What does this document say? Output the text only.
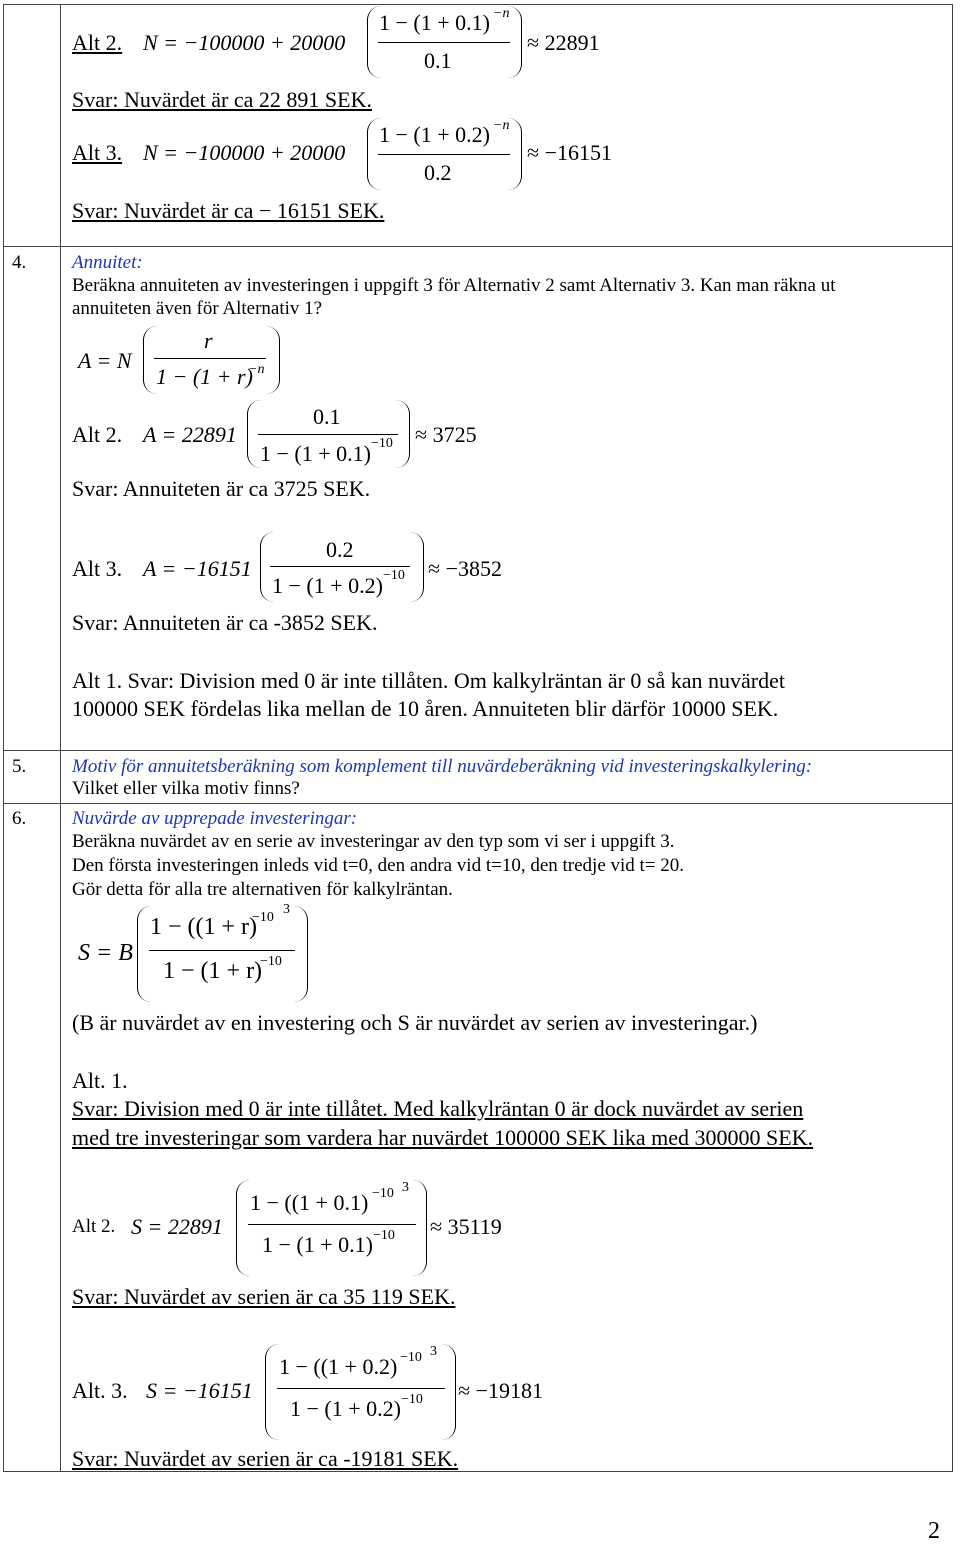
Alt 2. N = −100000 + 20000
1 − (1 + 0.1) −n
0.1
≈ 22891
Svar: Nuvärdet är ca 22 891 SEK.
Alt 3. N = −100000 + 20000
1 − (1 + 0.2) −n
0.2
≈ −16151
Svar: Nuvärdet är ca − 16151 SEK.
4. Annuitet:
Beräkna annuiteten av investeringen i uppgift 3 för Alternativ 2 samt Alternativ 3. Kan man räkna ut
annuiteten även för Alternativ 1?
A = N
r
1 − (1 + r)
−n
Alt 2. A = 22891
0.1
1 − (1 + 0.1) −10 ≈ 3725
Svar: Annuiteten är ca 3725 SEK.
Alt 3. A = −16151
0.2
1 − (1 + 0.2) −10 ≈ −3852
Svar: Annuiteten är ca -3852 SEK.
Alt 1. Svar: Division med 0 är inte tillåten. Om kalkylräntan är 0 så kan nuvärdet
100000 SEK fördelas lika mellan de 10 åren. Annuiteten blir därför 10000 SEK.
5. Motiv för annuitetsberäkning som komplement till nuvärdeberäkning vid investeringskalkylering:
Vilket eller vilka motiv finns?
6. Nuvärde av upprepade investeringar:
Beräkna nuvärdet av en serie av investeringar av den typ som vi ser i uppgift 3.
Den första investeringen inleds vid t=0, den andra vid t=10, den tredje vid t= 20.
Gör detta för alla tre alternativen för kalkylräntan.
S = B
1 − ((1 + r)
−10
3
1 − (1 + r)
−10
(B är nuvärdet av en investering och S är nuvärdet av serien av investeringar.)
Alt. 1.
Svar: Division med 0 är inte tillåtet. Med kalkylräntan 0 är dock nuvärdet av serien
med tre investeringar som vardera har nuvärdet 100000 SEK lika med 300000 SEK.
Alt 2. S = 22891
1 − ((1 + 0.1) −10 3
1 − (1 + 0.1) −10 ≈ 35119
Svar: Nuvärdet av serien är ca 35 119 SEK.
Alt. 3. S = −16151
1 − ((1 + 0.2) −10 3
1 − (1 + 0.2) −10 ≈ −19181
Svar: Nuvärdet av serien är ca -19181 SEK.
2
